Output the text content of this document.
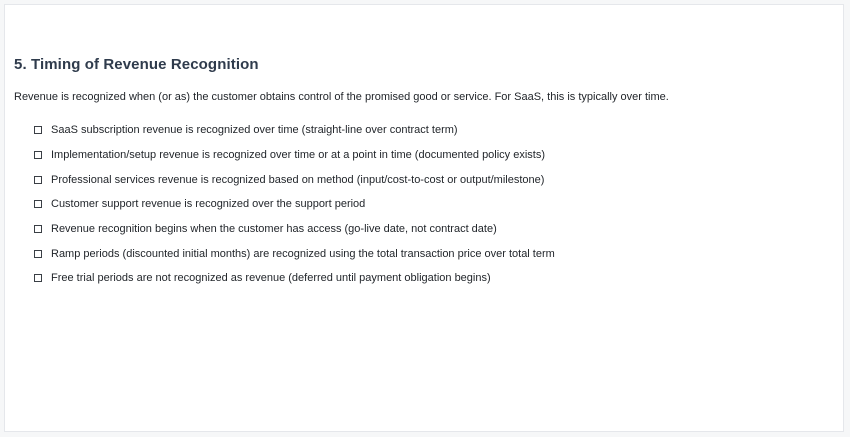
5. Timing of Revenue Recognition

Revenue is recognized when (or as) the customer obtains control of the promised good or service. For SaaS, this is typically over time.

SaaS subscription revenue is recognized over time (straight-line over contract term)
Implementation/setup revenue is recognized over time or at a point in time (documented policy exists)
Professional services revenue is recognized based on method (input/cost-to-cost or output/milestone)
Customer support revenue is recognized over the support period
Revenue recognition begins when the customer has access (go-live date, not contract date)
Ramp periods (discounted initial months) are recognized using the total transaction price over total term
Free trial periods are not recognized as revenue (deferred until payment obligation begins)
